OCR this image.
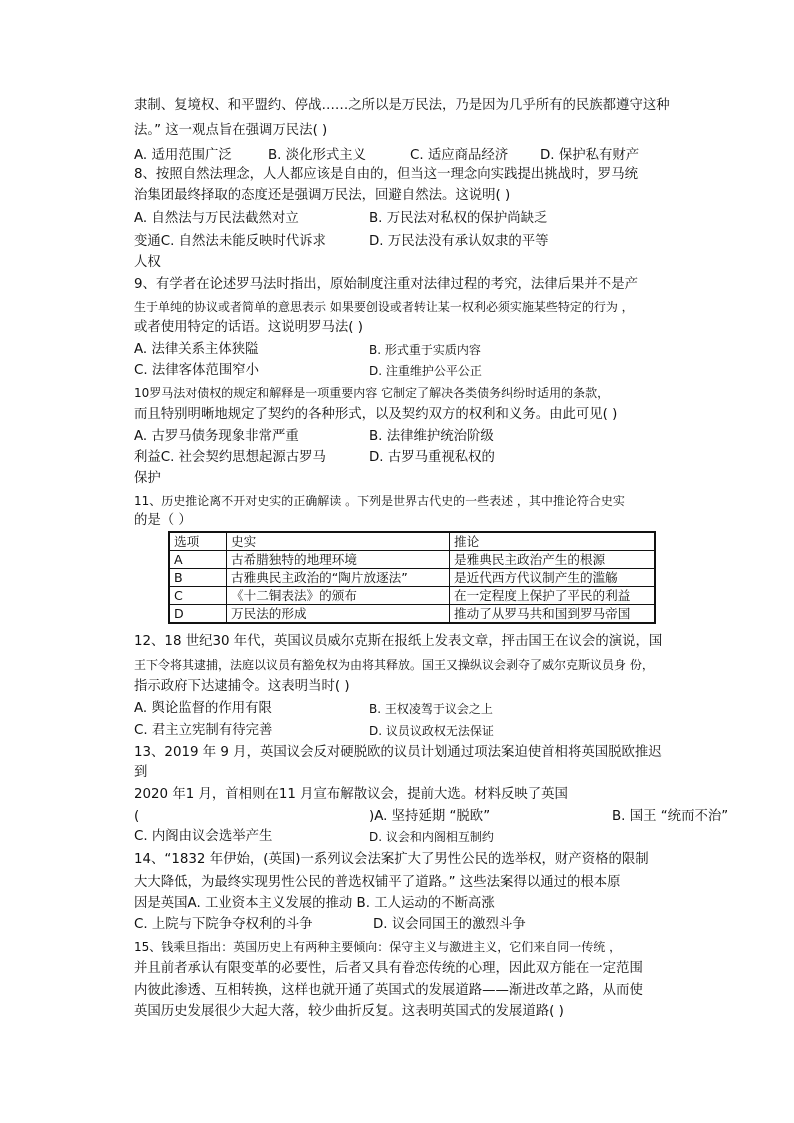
隶制、复境权、和平盟约、停战……之所以是万民法，乃是因为几乎所有的民族都遵守这种
法。” 这一观点旨在强调万民法( )
A. 适用范围广泛	B. 淡化形式主义	C. 适应商品经济 D. 保护私有财产
8、按照自然法理念，人人都应该是自由的，但当这一理念向实践提出挑战时，罗马统
治集团最终择取的态度还是强调万民法，回避自然法。这说明( )
A. 自然法与万民法截然对立	B. 万民法对私权的保护尚缺乏
变通C. 自然法未能反映时代诉求	D. 万民法没有承认奴隶的平等
人权
9、有学者在论述罗马法时指出，原始制度注重对法律过程的考究，法律后果并不是产
生于单纯的协议或者简单的意思表示 如果要创设或者转让某一权利必须实施某些特定的行为 ，
或者使用特定的话语。这说明罗马法( )
A. 法律关系主体狭隘	B. 形式重于实质内容
C. 法律客体范围窄小	D. 注重维护公平公正
10罗马法对债权的规定和解释是一项重要内容 它制定了解决各类债务纠纷时适用的条款，
而且特别明晰地规定了契约的各种形式，以及契约双方的权利和义务。由此可见( )
A. 古罗马债务现象非常严重	B. 法律维护统治阶级
利益C. 社会契约思想起源古罗马	D. 古罗马重视私权的
保护
11、历史推论离不开对史实的正确解读 。下列是世界古代史的一些表述 ，其中推论符合史实
的是（ ）
选项	史实	推论
A	古希腊独特的地理环境	是雅典民主政治产生的根源
B	古雅典民主政治的“陶片放逐法”	是近代西方代议制产生的滥觞
C	《十二铜表法》的颁布	在一定程度上保护了平民的利益
D	万民法的形成	推动了从罗马共和国到罗马帝国
12、18 世纪30 年代，英国议员威尔克斯在报纸上发表文章，抨击国王在议会的演说，国
王下令将其逮捕，法庭以议员有豁免权为由将其释放。国王又操纵议会剥夺了威尔克斯议员身 份，
指示政府下达逮捕令。这表明当时( )
A. 舆论监督的作用有限	B. 王权凌驾于议会之上
C. 君主立宪制有待完善	D. 议员议政权无法保证
13、2019 年 9 月，英国议会反对硬脱欧的议员计划通过项法案迫使首相将英国脱欧推迟
到
2020 年1 月，首相则在11 月宣布解散议会，提前大选。材料反映了英国
(	)A. 坚持延期 “脱欧”	B. 国王 “统而不治”
C. 内阁由议会选举产生	D. 议会和内阁相互制约
14、“1832 年伊始，(英国)一系列议会法案扩大了男性公民的选举权，财产资格的限制
大大降低，为最终实现男性公民的普选权铺平了道路。” 这些法案得以通过的根本原
因是英国A. 工业资本主义发展的推动 B. 工人运动的不断高涨
C. 上院与下院争夺权利的斗争	D. 议会同国王的激烈斗争
15、钱乘旦指出：英国历史上有两种主要倾向：保守主义与激进主义，它们来自同一传统 ，
并且前者承认有限变革的必要性，后者又具有眷恋传统的心理，因此双方能在一定范围
内彼此渗透、互相转换，这样也就开通了英国式的发展道路——渐进改革之路，从而使
英国历史发展很少大起大落，较少曲折反复。这表明英国式的发展道路( )
